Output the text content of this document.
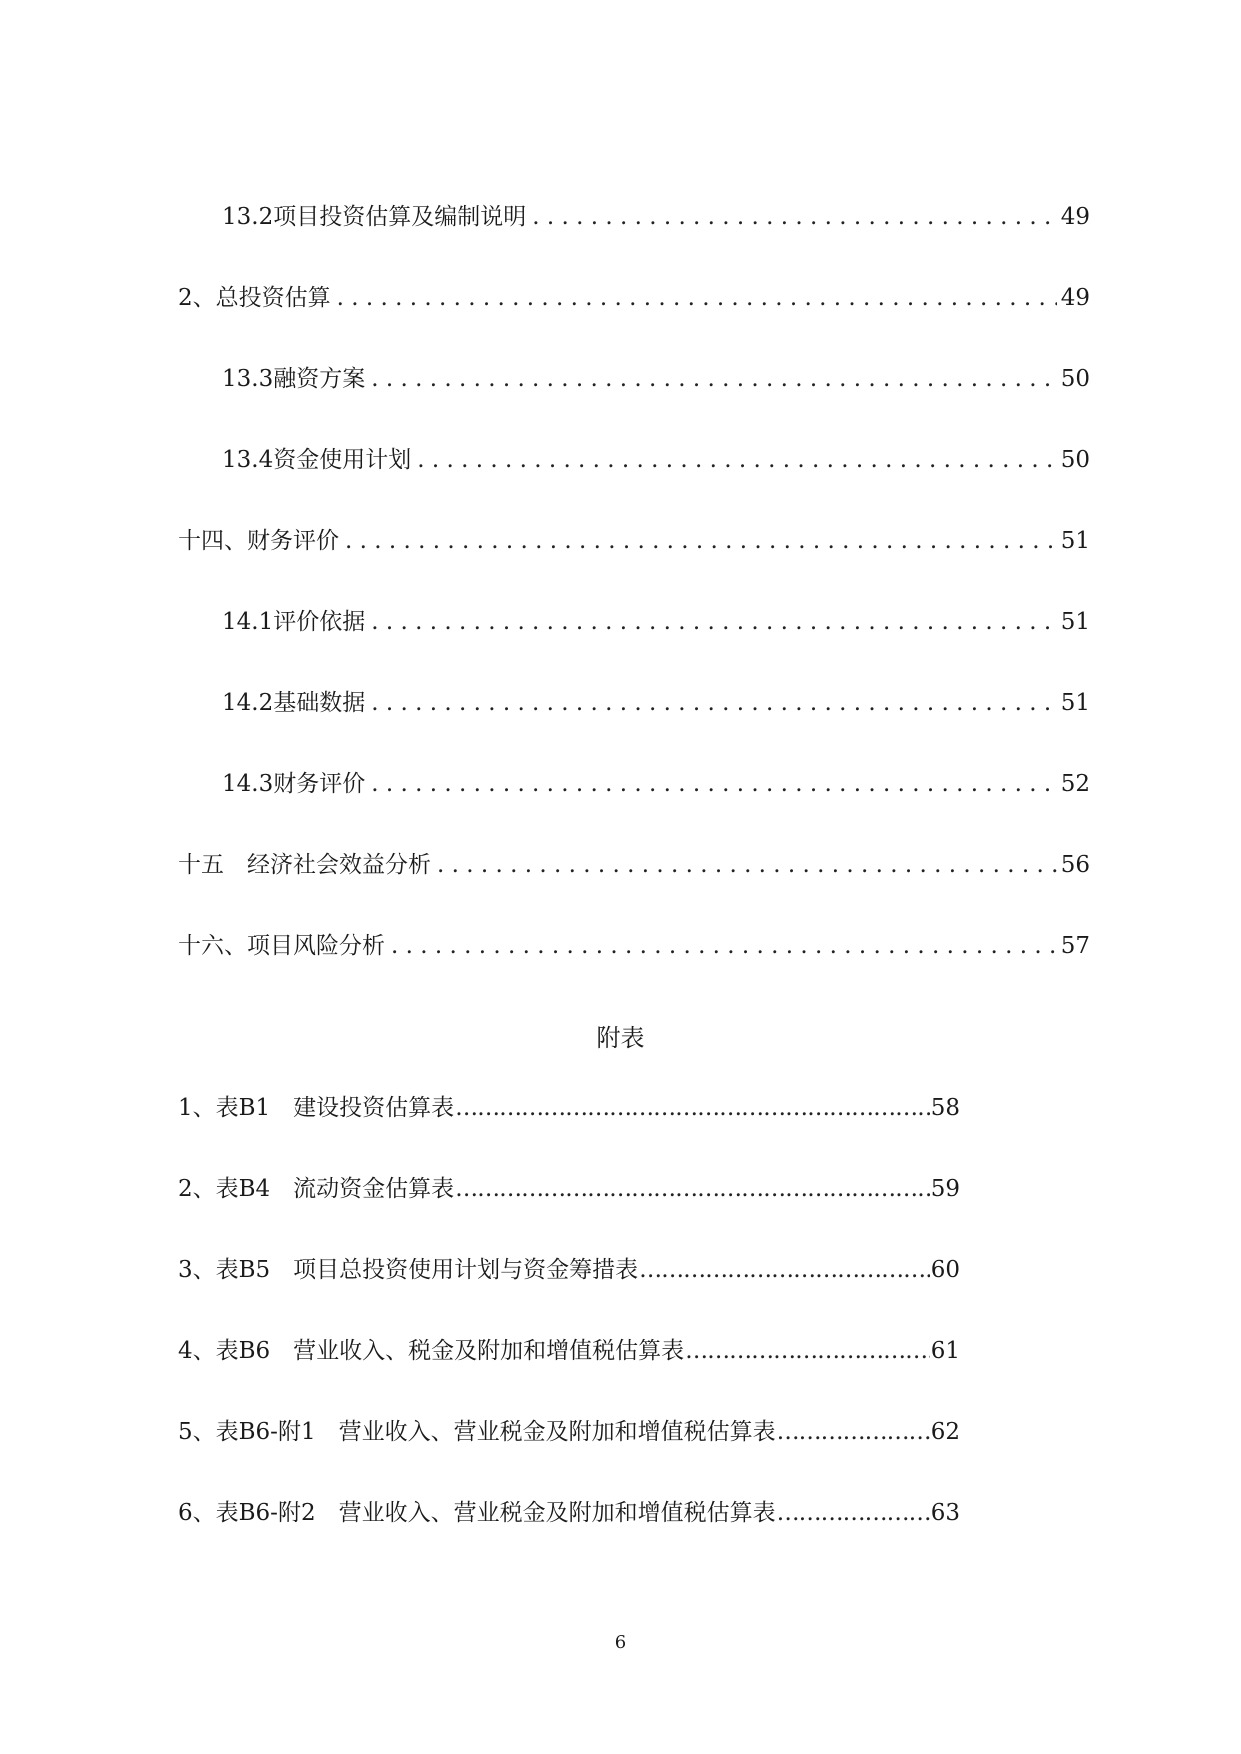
13.2 项目投资估算及编制说明 . . .	49
2、总投资估算 . . .	49
13.3 融资方案 . . .	50
13.4 资金使用计划 . . .	50
十四、财务评价 . . .	51
14.1 评价依据 . . .	51
14.2 基础数据 . . .	51
14.3 财务评价 . . .	52
十五　经济社会效益分析 . . .	56
十六、项目风险分析 . . .	57
附表
1、表B1　建设投资估算表 ……………………………………………………………………………………………………………………………………	58
2、表B4　流动资金估算表 ……………………………………………………………………………………………………………………………………	59
3、表B5　项目总投资使用计划与资金筹措表 ……………………………………………………………………………………………………………………………………	60
4、表B6　营业收入、税金及附加和增值税估算表 ……………………………………………………………………………………………………………………………………	61
5、表B6-附1　营业收入、营业税金及附加和增值税估算表 ……………………………………………………………………………………………………………………………………	62
6、表B6-附2　营业收入、营业税金及附加和增值税估算表 ……………………………………………………………………………………………………………………………………	63
6
